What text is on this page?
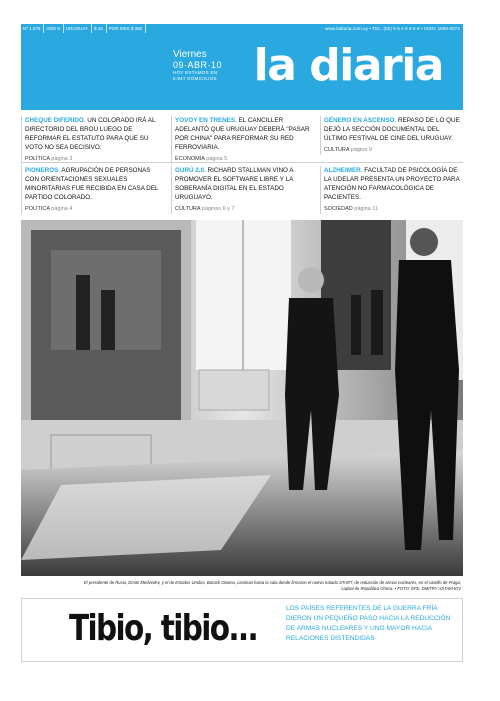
Nº 1.078	AÑO 5	URUGUAY	$ 25	POR MES $ 360	www.ladiaria.com.uy • TEL: (02) 9 6 4 6 8 6 8 • ISSN: 1688-0072
Viernes
09·ABR·10
HOY ESTAMOS EN
6.947 DOMICILIOS la diaria
CHEQUE DIFERIDO. UN COLORADO IRÁ AL DIRECTORIO DEL BROU LUEGO DE REFORMAR EL ESTATUTO PARA QUE SU VOTO NO SEA DECISIVO.
POLÍTICA página 3
YOVOY EN TRENES. EL CANCILLER ADELANTÓ QUE URUGUAY DEBERÁ "PASAR POR CHINA" PARA REFORMAR SU RED FERROVIARIA.
ECONOMÍA página 5
GÉNERO EN ASCENSO. REPASO DE LO QUE DEJÓ LA SECCIÓN DOCUMENTAL DEL ÚLTIMO FESTIVAL DE CINE DEL URUGUAY.
CULTURA página 9
PIONEROS. AGRUPACIÓN DE PERSONAS CON ORIENTACIONES SEXUALES MINORITARIAS FUE RECIBIDA EN CASA DEL PARTIDO COLORADO.
POLÍTICA página 4
GURÚ 2.0. RICHARD STALLMAN VINO A PROMOVER EL SOFTWARE LIBRE Y LA SOBERANÍA DIGITAL EN EL ESTADO URUGUAYO.
CULTURA páginas 6 y 7
ALZHEIMER. FACULTAD DE PSICOLOGÍA DE LA UDELAR PRESENTA UN PROYECTO PARA ATENCIÓN NO FARMACOLÓGICA DE PACIENTES.
SOCIEDAD página 11
El presidente de Rusia, Dmitri Medvedev, y el de Estados Unidos, Barack Obama, caminan hacia la sala donde firmaron el nuevo tratado START, de reducción de armas nucleares, en el castillo de Praga, capital de República Checa. • FOTO: EFE, DMITRY ASTAKHOV
Tibio, tibio...	LOS PAÍSES REFERENTES DE LA GUERRA FRÍA DIERON UN PEQUEÑO PASO HACIA LA REDUCCIÓN DE ARMAS NUCLEARES Y UNO MAYOR HACIA RELACIONES DISTENDIDAS
